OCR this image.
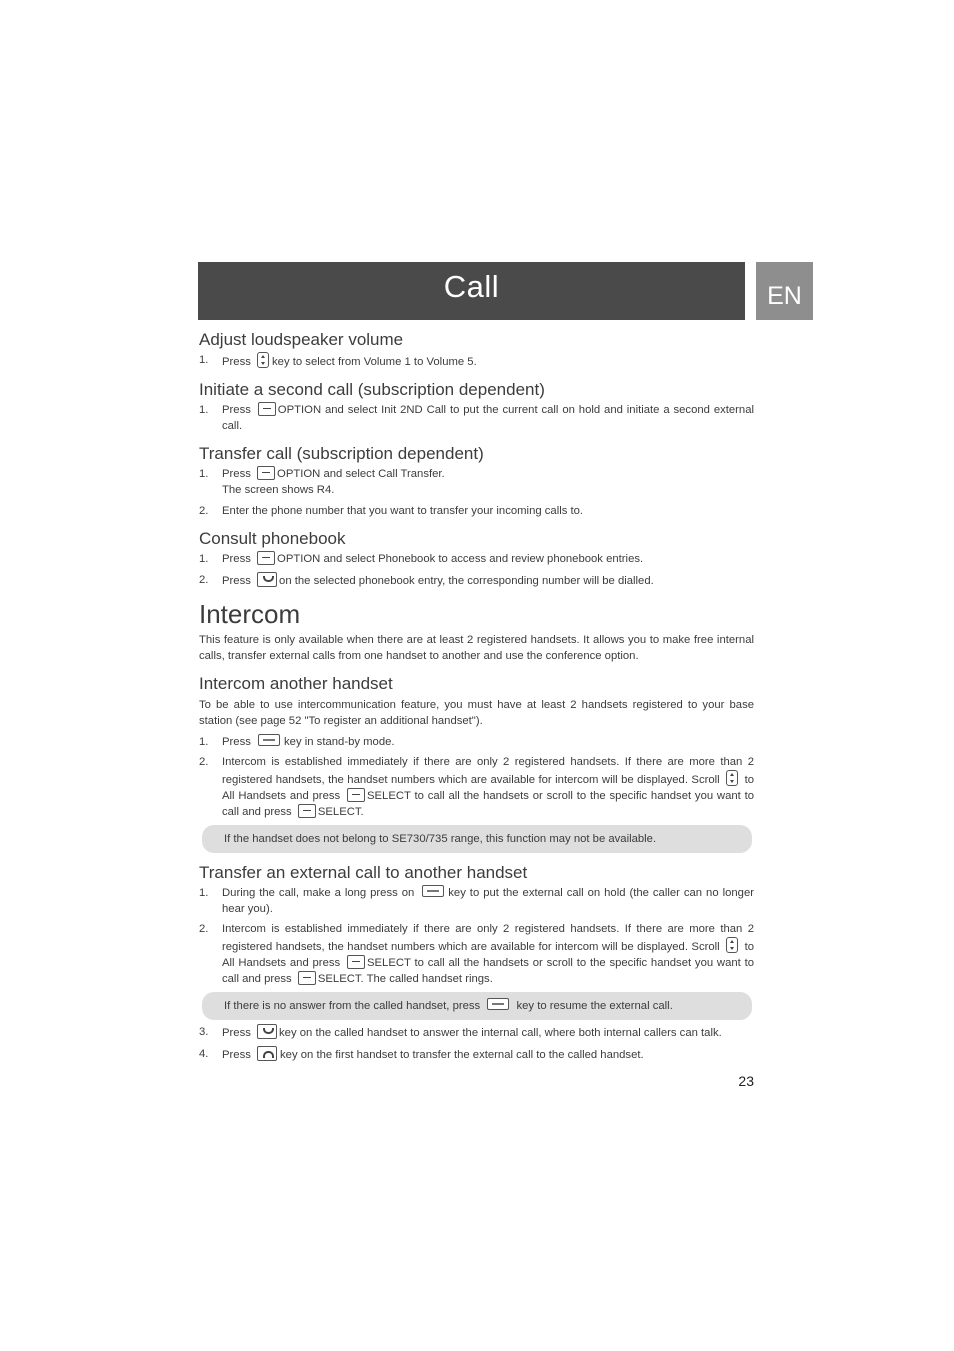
Call	EN
Adjust loudspeaker volume
1. Press key to select from Volume 1 to Volume 5.
Initiate a second call (subscription dependent)
1. Press OPTION and select Init 2ND Call to put the current call on hold and initiate a second external call.
Transfer call (subscription dependent)
1. Press OPTION and select Call Transfer.
The screen shows R4.
2. Enter the phone number that you want to transfer your incoming calls to.
Consult phonebook
1. Press OPTION and select Phonebook to access and review phonebook entries.
2. Press on the selected phonebook entry, the corresponding number will be dialled.
Intercom

This feature is only available when there are at least 2 registered handsets. It allows you to make free internal calls, transfer external calls from one handset to another and use the conference option.

Intercom another handset

To be able to use intercommunication feature, you must have at least 2 handsets registered to your base station (see page 52 "To register an additional handset").

1. Press	key in stand-by mode.
2. Intercom is established immediately if there are only 2 registered handsets. If there are more than 2 registered handsets, the handset numbers which are available for intercom will be displayed. Scroll to All Handsets and press SELECT to call all the handsets or scroll to the specific handset you want to call and press SELECT.
If the handset does not belong to SE730/735 range, this function may not be available.
Transfer an external call to another handset
1. During the call, make a long press on	key to put the external call on hold (the caller can no longer hear you).
2. Intercom is established immediately if there are only 2 registered handsets. If there are more than 2 registered handsets, the handset numbers which are available for intercom will be displayed. Scroll to All Handsets and press SELECT to call all the handsets or scroll to the specific handset you want to call and press SELECT. The called handset rings.
If there is no answer from the called handset, press	key to resume the external call.
3. Press key on the called handset to answer the internal call, where both internal callers can talk.
4. Press	key on the first handset to transfer the external call to the called handset.
23
